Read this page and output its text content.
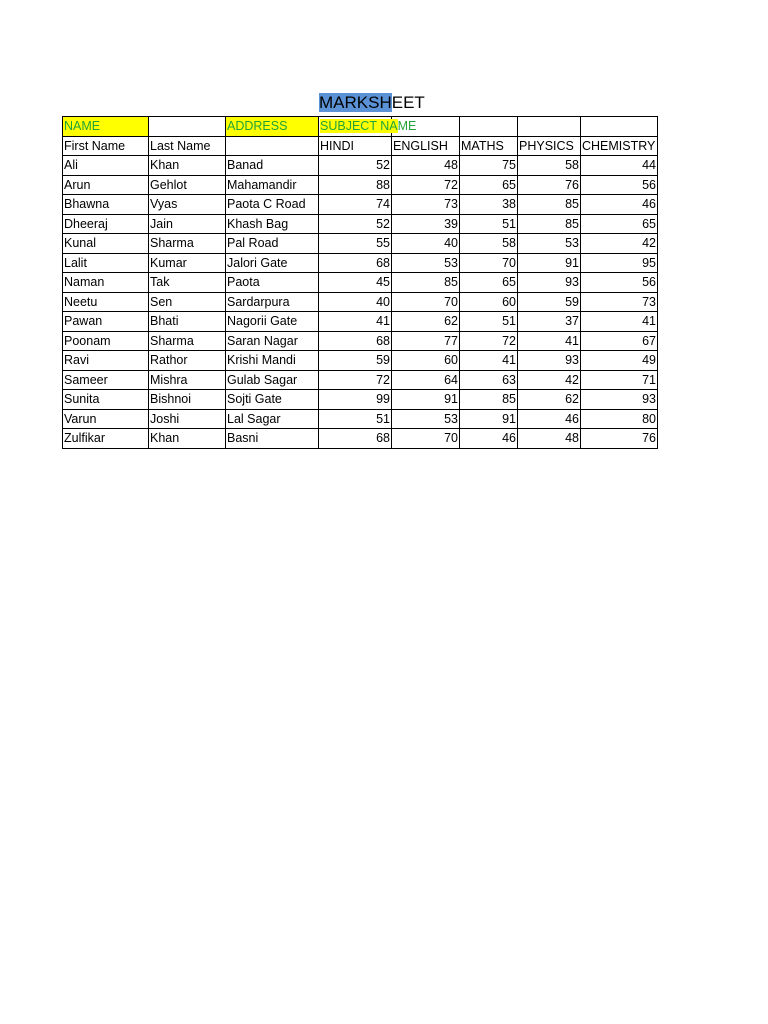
MARKSHEET
NAME		ADDRESS	SUBJECT NAME				

First Name	Last Name		HINDI	ENGLISH	MATHS	PHYSICS	CHEMISTRY
Ali	Khan	Banad	52	48	75	58	44
Arun	Gehlot	Mahamandir	88	72	65	76	56
Bhawna	Vyas	Paota C Road	74	73	38	85	46
Dheeraj	Jain	Khash Bag	52	39	51	85	65
Kunal	Sharma	Pal Road	55	40	58	53	42
Lalit	Kumar	Jalori Gate	68	53	70	91	95
Naman	Tak	Paota	45	85	65	93	56
Neetu	Sen	Sardarpura	40	70	60	59	73
Pawan	Bhati	Nagorii Gate	41	62	51	37	41
Poonam	Sharma	Saran Nagar	68	77	72	41	67
Ravi	Rathor	Krishi Mandi	59	60	41	93	49
Sameer	Mishra	Gulab Sagar	72	64	63	42	71
Sunita	Bishnoi	Sojti Gate	99	91	85	62	93
Varun	Joshi	Lal Sagar	51	53	91	46	80
Zulfikar	Khan	Basni	68	70	46	48	76
